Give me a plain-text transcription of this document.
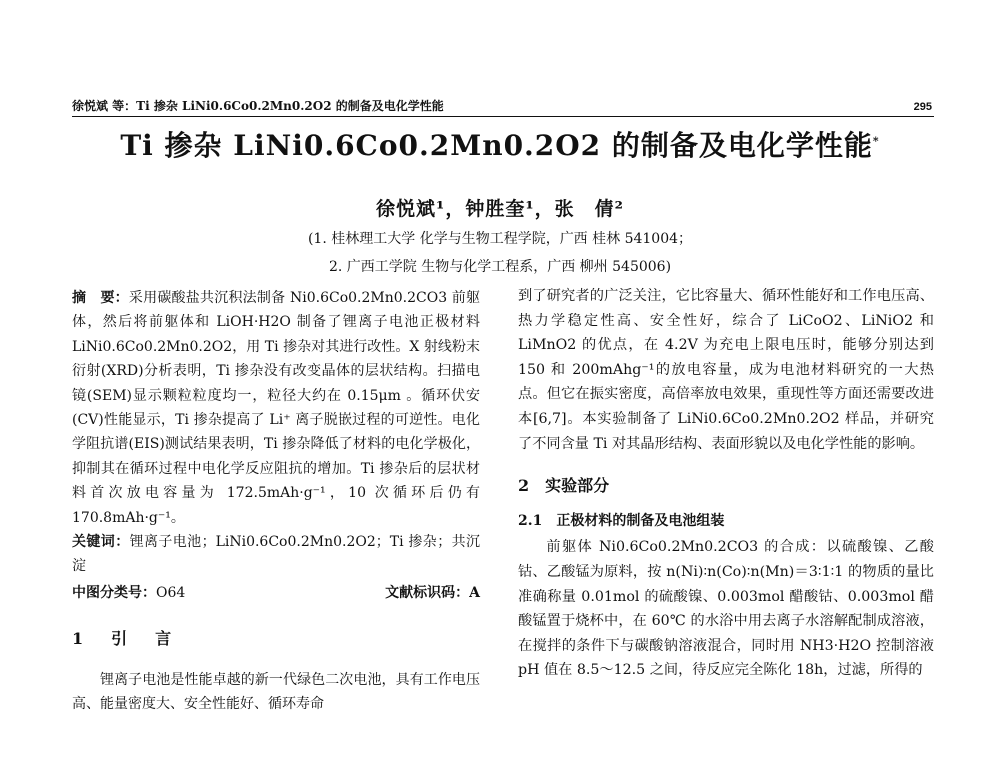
徐悦斌 等：Ti 掺杂 LiNi0.6Co0.2Mn0.2O2 的制备及电化学性能	295
Ti 掺杂 LiNi0.6Co0.2Mn0.2O2 的制备及电化学性能*
徐悦斌¹，钟胜奎¹，张　倩²
(1. 桂林理工大学 化学与生物工程学院，广西 桂林 541004；
2. 广西工学院 生物与化学工程系，广西 柳州 545006)

摘　要：采用碳酸盐共沉积法制备 Ni0.6Co0.2Mn0.2CO3 前躯体，然后将前躯体和 LiOH·H2O 制备了锂离子电池正极材料 LiNi0.6Co0.2Mn0.2O2，用 Ti 掺杂对其进行改性。X 射线粉末衍射(XRD)分析表明，Ti 掺杂没有改变晶体的层状结构。扫描电镜(SEM)显示颗粒粒度均一，粒径大约在 0.15μm 。循环伏安(CV)性能显示，Ti 掺杂提高了 Li⁺ 离子脱嵌过程的可逆性。电化学阻抗谱(EIS)测试结果表明，Ti 掺杂降低了材料的电化学极化，抑制其在循环过程中电化学反应阻抗的增加。Ti 掺杂后的层状材料首次放电容量为 172.5mAh·g⁻¹，10 次循环后仍有 170.8mAh·g⁻¹。

关键词：锂离子电池；LiNi0.6Co0.2Mn0.2O2；Ti 掺杂；共沉淀

中图分类号：O64	文献标识码：A
1　引　言

锂离子电池是性能卓越的新一代绿色二次电池，具有工作电压高、能量密度大、安全性能好、循环寿命

到了研究者的广泛关注，它比容量大、循环性能好和工作电压高、热力学稳定性高、安全性好，综合了 LiCoO2、LiNiO2 和 LiMnO2 的优点，在 4.2V 为充电上限电压时，能够分别达到 150 和 200mAhg⁻¹的放电容量，成为电池材料研究的一大热点。但它在振实密度，高倍率放电效果，重现性等方面还需要改进本[6,7]。本实验制备了 LiNi0.6Co0.2Mn0.2O2 样品，并研究了不同含量 Ti 对其晶形结构、表面形貌以及电化学性能的影响。

2　实验部分
2.1　正极材料的制备及电池组装

前躯体 Ni0.6Co0.2Mn0.2CO3 的合成：以硫酸镍、乙酸钴、乙酸锰为原料，按 n(Ni)∶n(Co)∶n(Mn)＝3∶1∶1 的物质的量比准确称量 0.01mol 的硫酸镍、0.003mol 醋酸钴、0.003mol 醋酸锰置于烧杯中，在 60℃ 的水浴中用去离子水溶解配制成溶液，在搅拌的条件下与碳酸钠溶液混合，同时用 NH3·H2O 控制溶液 pH 值在 8.5～12.5 之间，待反应完全陈化 18h，过滤，所得的
